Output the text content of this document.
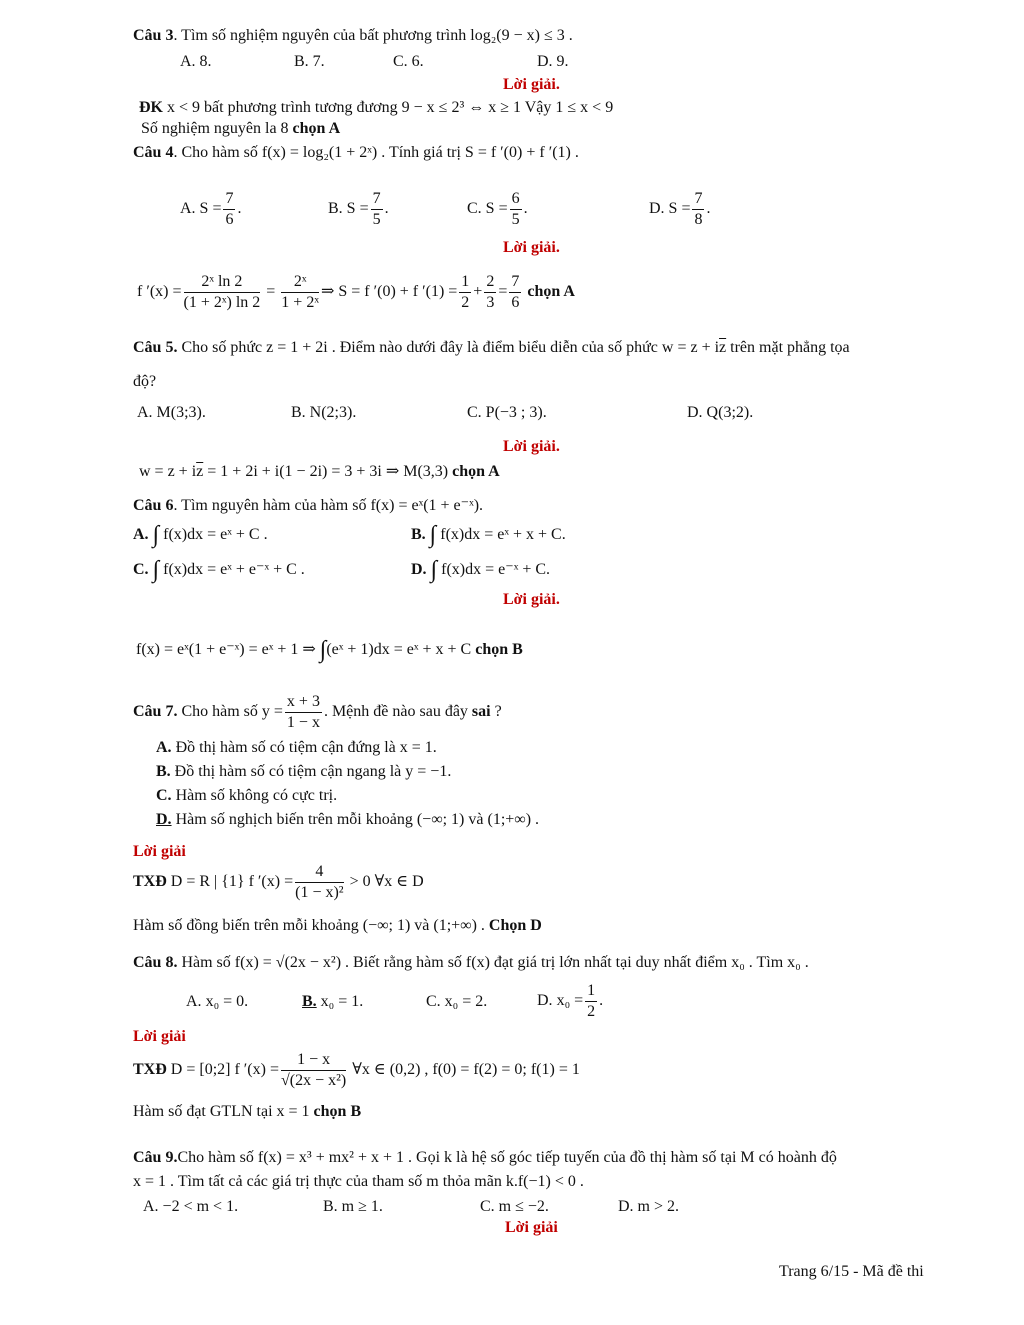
Câu 3. Tìm số nghiệm nguyên của bất phương trình log₂(9 − x) ≤ 3 .
A. 8.	B. 7.	C. 6.	D. 9.
Lời giải.
ĐK x < 9 bất phương trình tương đương 9 − x ≤ 2³ ⇔ x ≥ 1 Vậy 1 ≤ x < 9
Số nghiệm nguyên la 8 chọn A
Câu 4. Cho hàm số f(x) = log₂(1 + 2ˣ) . Tính giá trị S = f ′(0) + f ′(1) .
A. $S = \frac{7}{6}$ .	B. $S = \frac{7}{5}$ .	C. $S = \frac{6}{5}$ .	D. $S = \frac{7}{8}$ .
Lời giải.
f $'(x) = \frac{\text{2ˣ ln 2}}{\text{(1 + 2ˣ) ln 2}} = \frac{\text{2ˣ}}{\text{1 + 2ˣ}}$ ⇒ S = f ′(0) + f $'(1) = \frac{1}{2} + \frac{2}{3} = \frac{7}{6}$ chọn A
Câu 5. Cho số phức z = 1 + 2i . Điểm nào dưới đây là điểm biểu diễn của số phức $w = z + i\overline{z}$ trên mặt phẳng tọa
độ?
A. M(3;3).	B. N(2;3).	C. P(−3 ; 3).	D. Q(3;2).
Lời giải.
$w = z + i\overline{z} = 1 + 2i + i(1 - 2i) = 3 + 3i$ ⇒ M(3,3) chọn A
Câu 6. Tìm nguyên hàm của hàm số f(x) = eˣ(1 + e⁻ˣ).
A. ∫ f(x)dx = eˣ + C .	B. ∫ f(x)dx = eˣ + x + C.
C. ∫ f(x)dx = eˣ + e⁻ˣ + C .	D. ∫ f(x)dx = e⁻ˣ + C.
Lời giải.
f(x) = eˣ(1 + e⁻ˣ) = eˣ + 1 ⇒ ∫(eˣ + 1)dx = eˣ + x + C chọn B
Câu 7. Cho hàm số $y = \frac{x + 3}{1 - x}$ . Mệnh đề nào sau đây sai ?
A. Đồ thị hàm số có tiệm cận đứng là x = 1.
B. Đồ thị hàm số có tiệm cận ngang là y = −1.
C. Hàm số không có cực trị.
D. Hàm số nghịch biến trên mỗi khoảng (−∞; 1) và (1;+∞) .
Lời giải
TXĐ D = R | {1} f $'(x) = \frac{4}{\text{(1 − x)²}} > 0$ ∀x ∈ D
Hàm số đồng biến trên mỗi khoảng (−∞; 1) và (1;+∞) . Chọn D
Câu 8. Hàm số f(x) = √(2x − x²) . Biết rằng hàm số f(x) đạt giá trị lớn nhất tại duy nhất điểm x₀ . Tìm x₀ .
A. x₀ = 0.	B. x₀ = 1.	C. x₀ = 2.	D. $x_0 = \frac{1}{2}$ .
Lời giải
TXĐ D = [0;2] f $'(x) = \frac{1 - x}{\text{√(2x − x²)}}$ ∀x ∈ (0,2) , f(0) = f(2) = 0; f(1) = 1
Hàm số đạt GTLN tại x = 1 chọn B
Câu 9.Cho hàm số f(x) = x³ + mx² + x + 1 . Gọi k là hệ số góc tiếp tuyến của đồ thị hàm số tại M có hoành độ
x = 1 . Tìm tất cả các giá trị thực của tham số m thỏa mãn k.f(−1) < 0 .
A. −2 < m < 1.	B. m ≥ 1.	C. m ≤ −2.	D. m > 2.
Lời giải
Trang 6/15 - Mã đề thi
